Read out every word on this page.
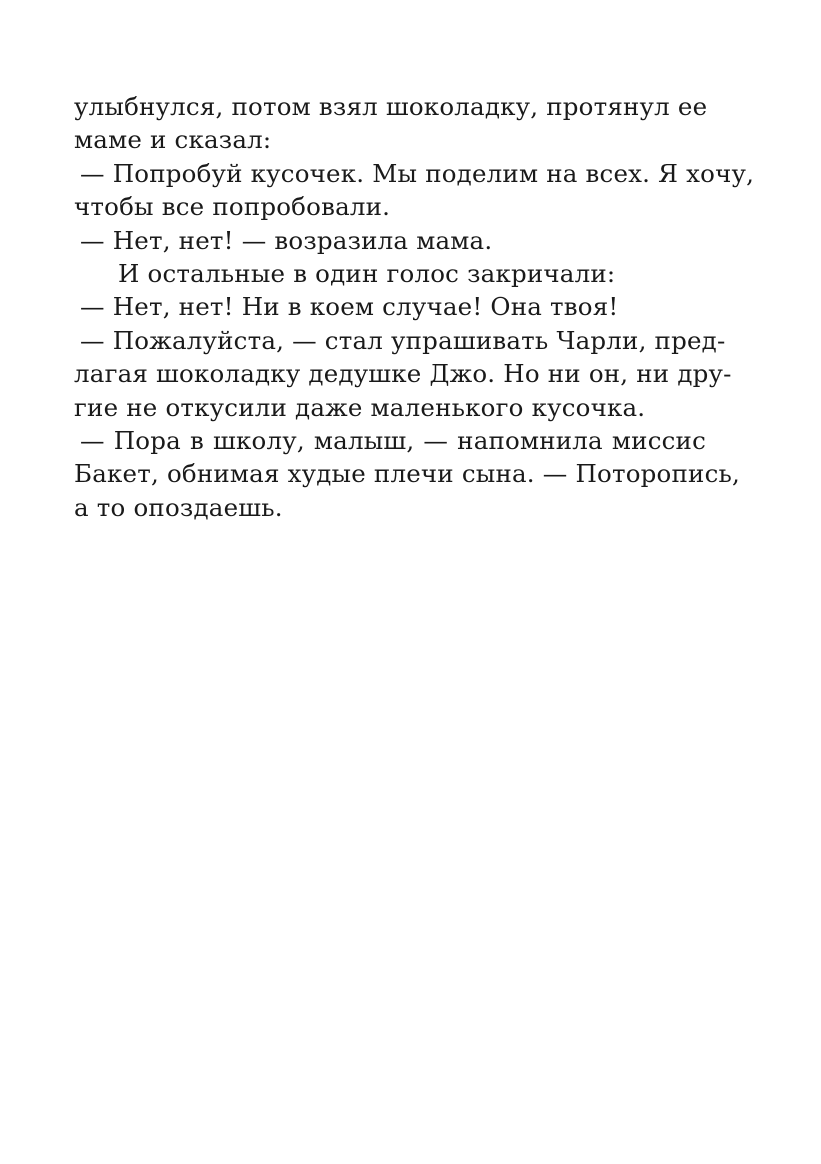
улыбнулся, потом взял шоколадку, протянул ее
маме и сказал:
— Попробуй кусочек. Мы поделим на всех. Я хочу,
чтобы все попробовали.
— Нет, нет! — возразила мама.
И остальные в один голос закричали:
— Нет, нет! Ни в коем случае! Она твоя!
— Пожалуйста, — стал упрашивать Чарли, пред-
лагая шоколадку дедушке Джо. Но ни он, ни дру-
гие не откусили даже маленького кусочка.
— Пора в школу, малыш, — напомнила миссис
Бакет, обнимая худые плечи сына. — Поторопись,
а то опоздаешь.
